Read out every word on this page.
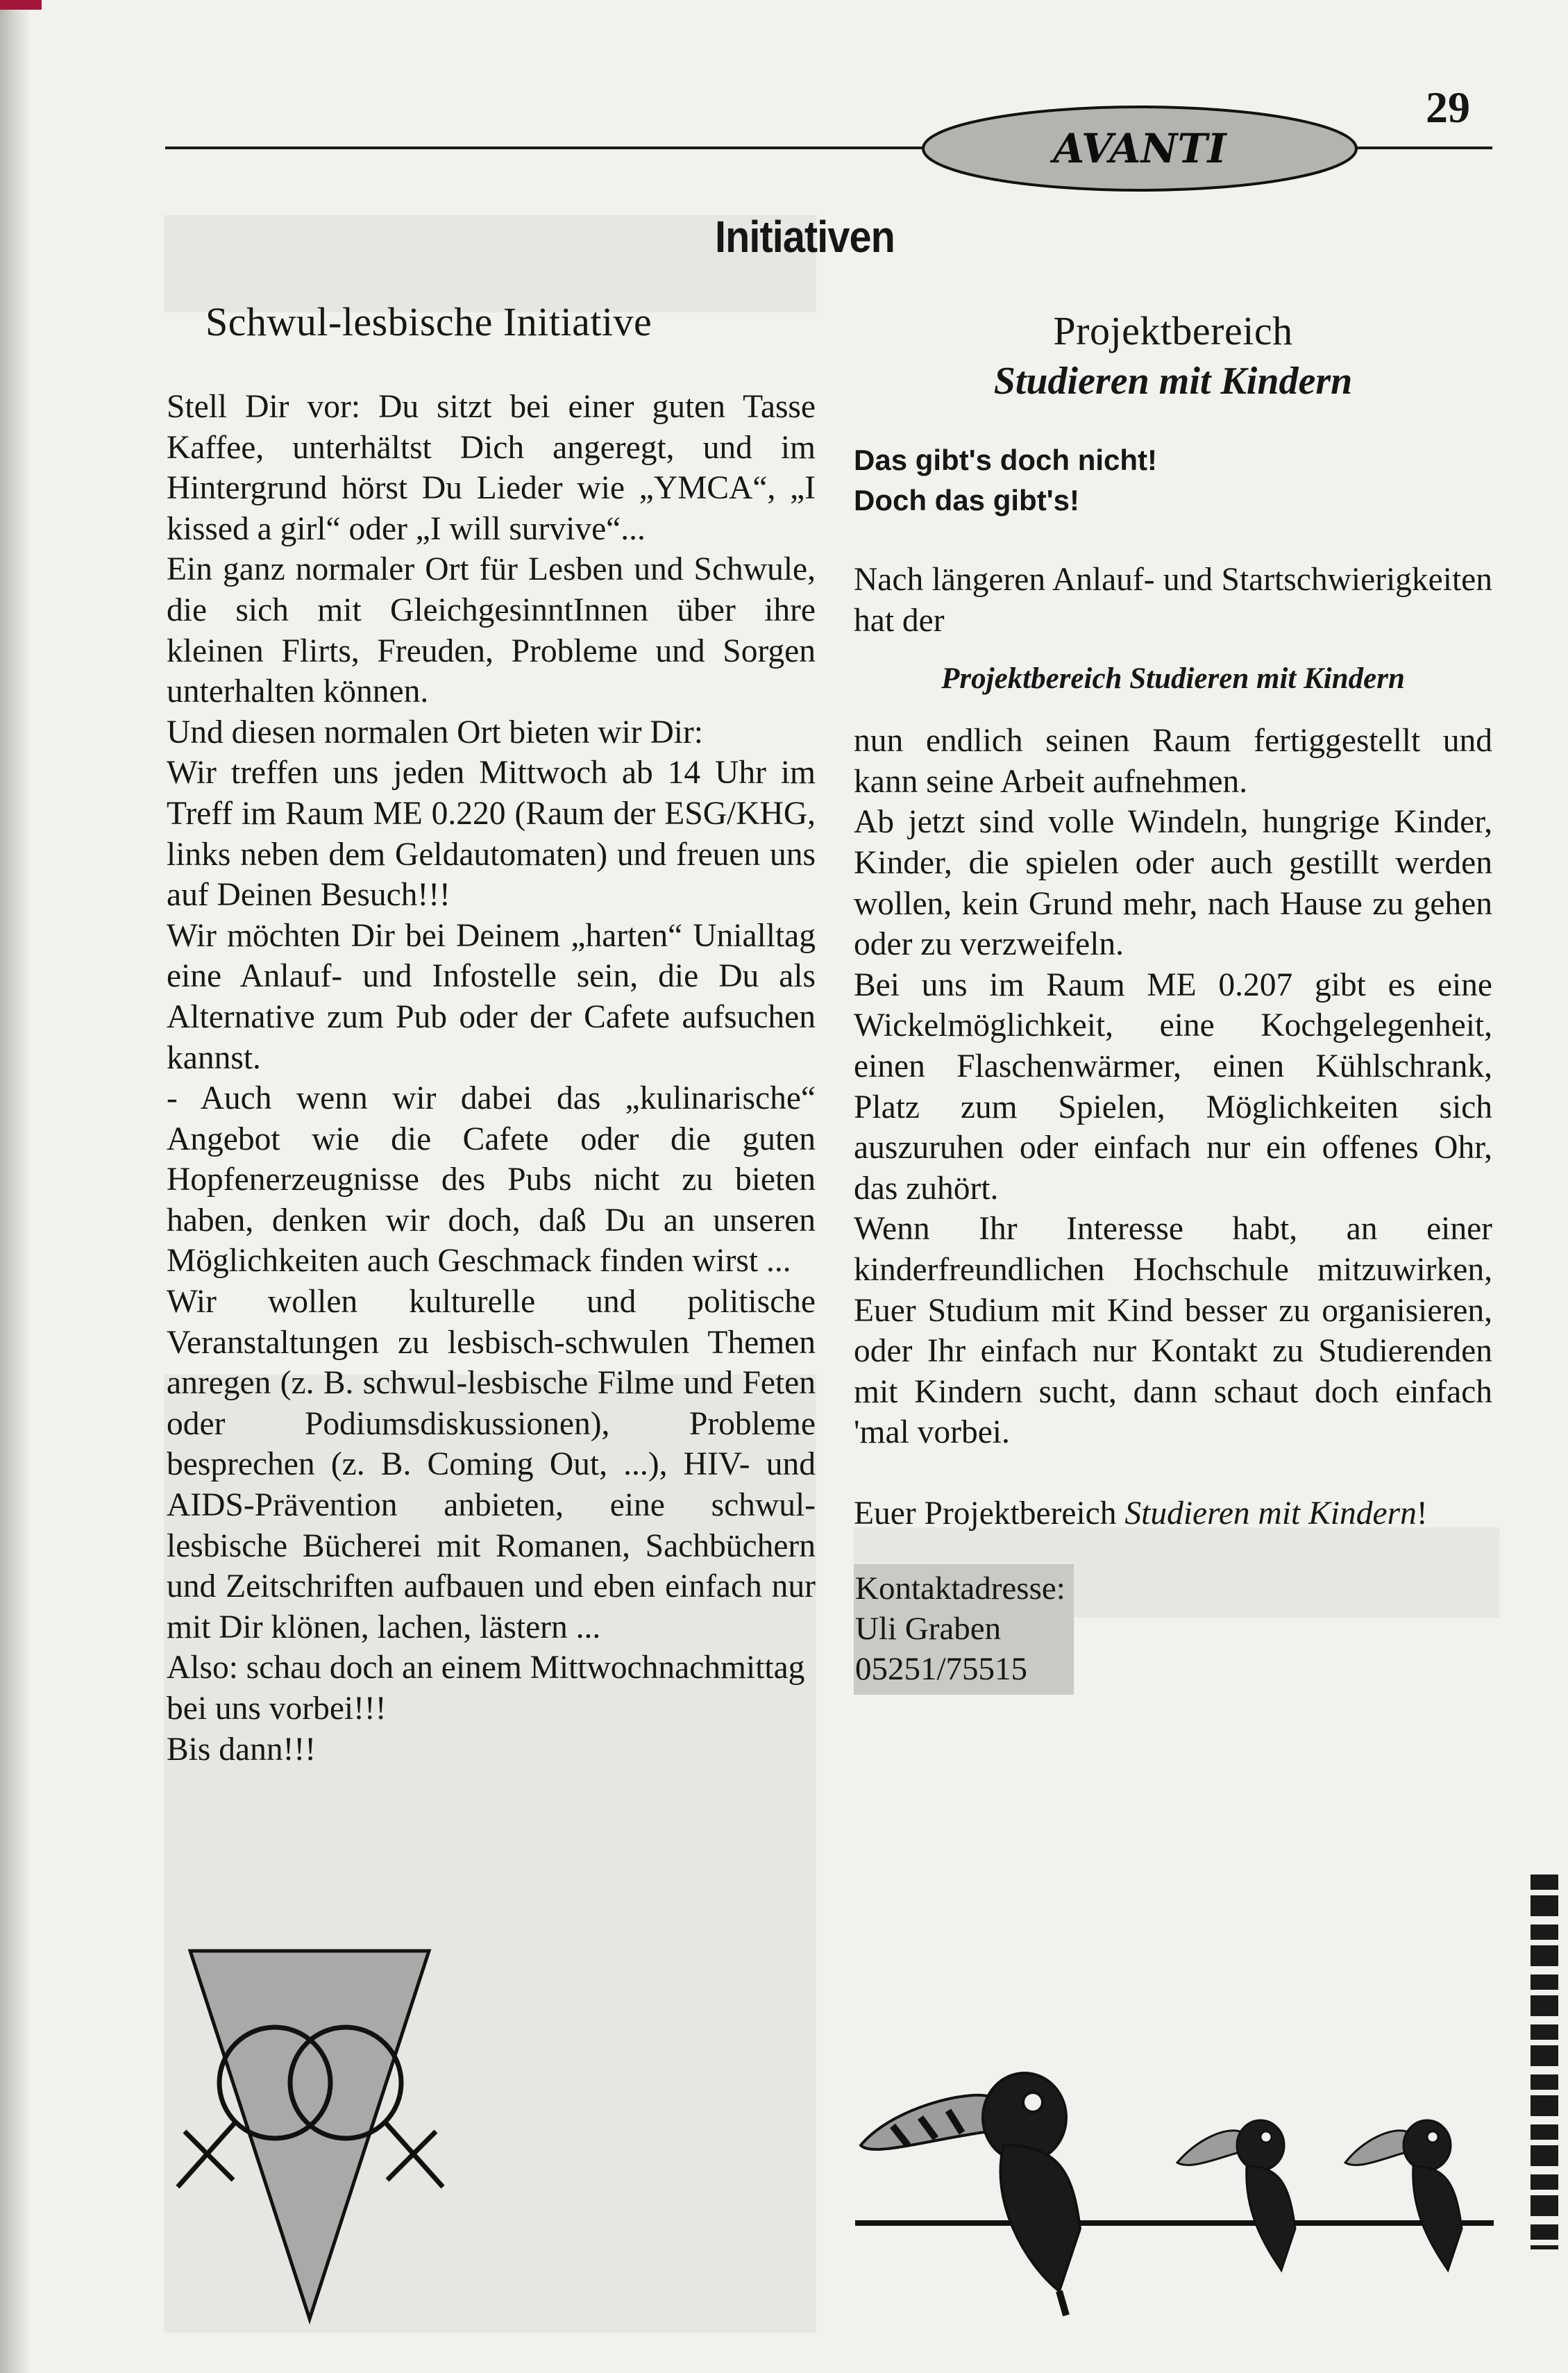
AVANTI
29
Initiativen
Schwul-lesbische Initiative

Stell Dir vor: Du sitzt bei einer guten Tasse Kaffee, unterhältst Dich angeregt, und im Hintergrund hörst Du Lieder wie „YMCA“, „I kissed a girl“ oder „I will survive“...

Ein ganz normaler Ort für Lesben und Schwule, die sich mit GleichgesinntInnen über ihre kleinen Flirts, Freuden, Probleme und Sorgen unterhalten können.

Und diesen normalen Ort bieten wir Dir:

Wir treffen uns jeden Mittwoch ab 14 Uhr im Treff im Raum ME 0.220 (Raum der ESG/KHG, links neben dem Geldautomaten) und freuen uns auf Deinen Besuch!!!

Wir möchten Dir bei Deinem „harten“ Unialltag eine Anlauf- und Infostelle sein, die Du als Alternative zum Pub oder der Cafete aufsuchen kannst.

- Auch wenn wir dabei das „kulinarische“ Angebot wie die Cafete oder die guten Hopfenerzeugnisse des Pubs nicht zu bieten haben, denken wir doch, daß Du an unseren Möglichkeiten auch Geschmack finden wirst ...

Wir wollen kulturelle und politische Veranstaltungen zu lesbisch-schwulen Themen anregen (z. B. schwul-lesbische Filme und Feten oder Podiumsdiskussionen), Probleme besprechen (z. B. Coming Out, ...), HIV- und AIDS-Prävention anbieten, eine schwul-lesbische Bücherei mit Romanen, Sachbüchern und Zeitschriften aufbauen und eben einfach nur mit Dir klönen, lachen, lästern ...

Also: schau doch an einem Mittwochnachmittag bei uns vorbei!!!

Bis dann!!!

Projektbereich
Studieren mit Kindern
Das gibt's doch nicht!
Doch das gibt's!

Nach längeren Anlauf- und Startschwierigkeiten hat der

Projektbereich Studieren mit Kindern

nun endlich seinen Raum fertiggestellt und kann seine Arbeit aufnehmen.

Ab jetzt sind volle Windeln, hungrige Kinder, Kinder, die spielen oder auch gestillt werden wollen, kein Grund mehr, nach Hause zu gehen oder zu verzweifeln.

Bei uns im Raum ME 0.207 gibt es eine Wickelmöglichkeit, eine Kochgelegenheit, einen Flaschenwärmer, einen Kühlschrank, Platz zum Spielen, Möglichkeiten sich auszuruhen oder einfach nur ein offenes Ohr, das zuhört.

Wenn Ihr Interesse habt, an einer kinderfreundlichen Hochschule mitzuwirken, Euer Studium mit Kind besser zu organisieren, oder Ihr einfach nur Kontakt zu Studierenden mit Kindern sucht, dann schaut doch einfach 'mal vorbei.

Euer Projektbereich Studieren mit Kindern!

Kontaktadresse:
Uli Graben
05251/75515
